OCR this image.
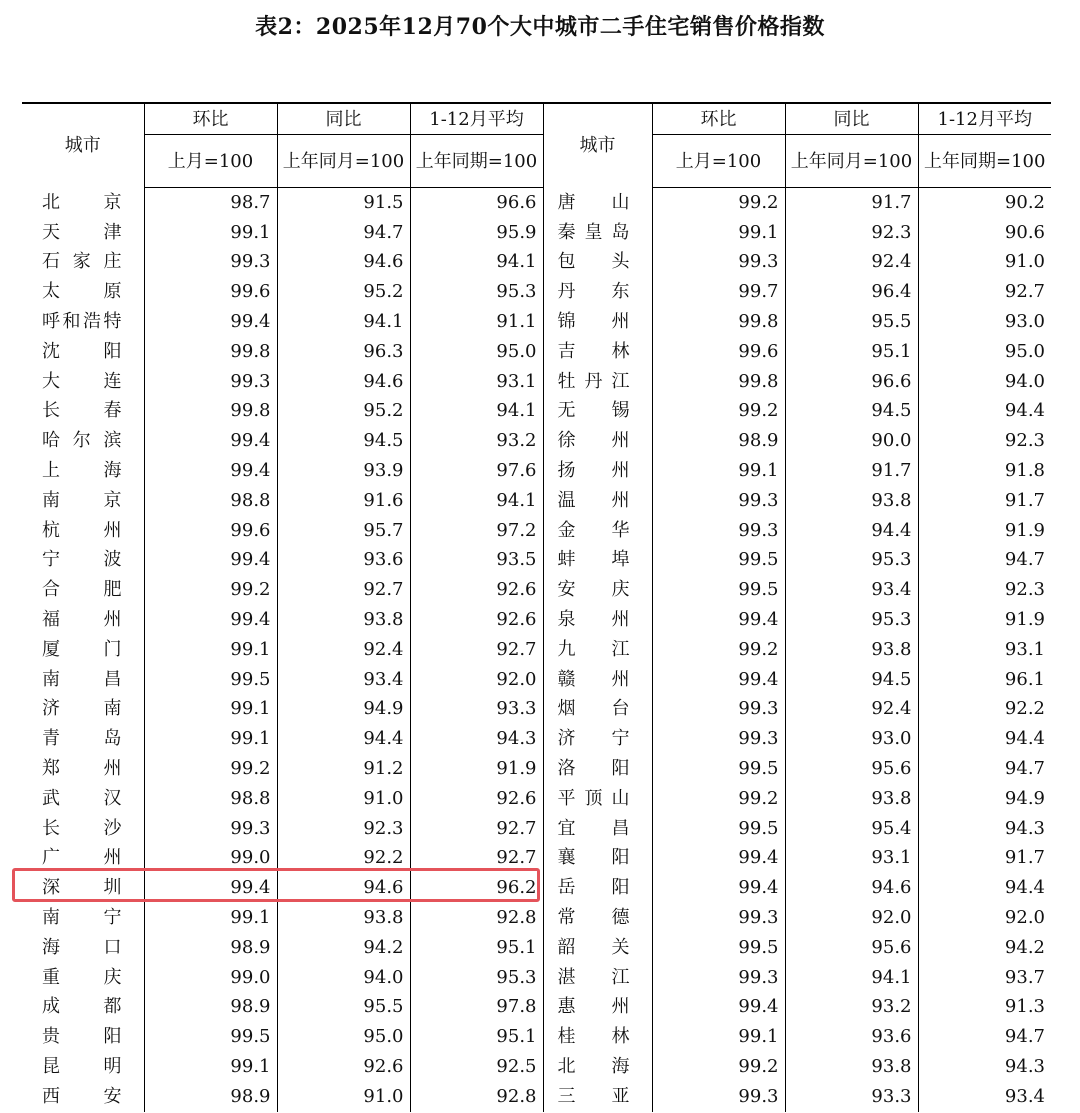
表2：2025年12月70个大中城市二手住宅销售价格指数
城市	环比	同比	1-12月平均	城市	环比	同比	1-12月平均
	上月=100	上年同月=100	上年同期=100		上月=100	上年同月=100	上年同期=100
北京	98.7	91.5	96.6	唐山	99.2	91.7	90.2
天津	99.1	94.7	95.9	秦皇岛	99.1	92.3	90.6
石家庄	99.3	94.6	94.1	包头	99.3	92.4	91.0
太原	99.6	95.2	95.3	丹东	99.7	96.4	92.7
呼和浩特	99.4	94.1	91.1	锦州	99.8	95.5	93.0
沈阳	99.8	96.3	95.0	吉林	99.6	95.1	95.0
大连	99.3	94.6	93.1	牡丹江	99.8	96.6	94.0
长春	99.8	95.2	94.1	无锡	99.2	94.5	94.4
哈尔滨	99.4	94.5	93.2	徐州	98.9	90.0	92.3
上海	99.4	93.9	97.6	扬州	99.1	91.7	91.8
南京	98.8	91.6	94.1	温州	99.3	93.8	91.7
杭州	99.6	95.7	97.2	金华	99.3	94.4	91.9
宁波	99.4	93.6	93.5	蚌埠	99.5	95.3	94.7
合肥	99.2	92.7	92.6	安庆	99.5	93.4	92.3
福州	99.4	93.8	92.6	泉州	99.4	95.3	91.9
厦门	99.1	92.4	92.7	九江	99.2	93.8	93.1
南昌	99.5	93.4	92.0	赣州	99.4	94.5	96.1
济南	99.1	94.9	93.3	烟台	99.3	92.4	92.2
青岛	99.1	94.4	94.3	济宁	99.3	93.0	94.4
郑州	99.2	91.2	91.9	洛阳	99.5	95.6	94.7
武汉	98.8	91.0	92.6	平顶山	99.2	93.8	94.9
长沙	99.3	92.3	92.7	宜昌	99.5	95.4	94.3
广州	99.0	92.2	92.7	襄阳	99.4	93.1	91.7
深圳	99.4	94.6	96.2	岳阳	99.4	94.6	94.4
南宁	99.1	93.8	92.8	常德	99.3	92.0	92.0
海口	98.9	94.2	95.1	韶关	99.5	95.6	94.2
重庆	99.0	94.0	95.3	湛江	99.3	94.1	93.7
成都	98.9	95.5	97.8	惠州	99.4	93.2	91.3
贵阳	99.5	95.0	95.1	桂林	99.1	93.6	94.7
昆明	99.1	92.6	92.5	北海	99.2	93.8	94.3
西安	98.9	91.0	92.8	三亚	99.3	93.3	93.4
